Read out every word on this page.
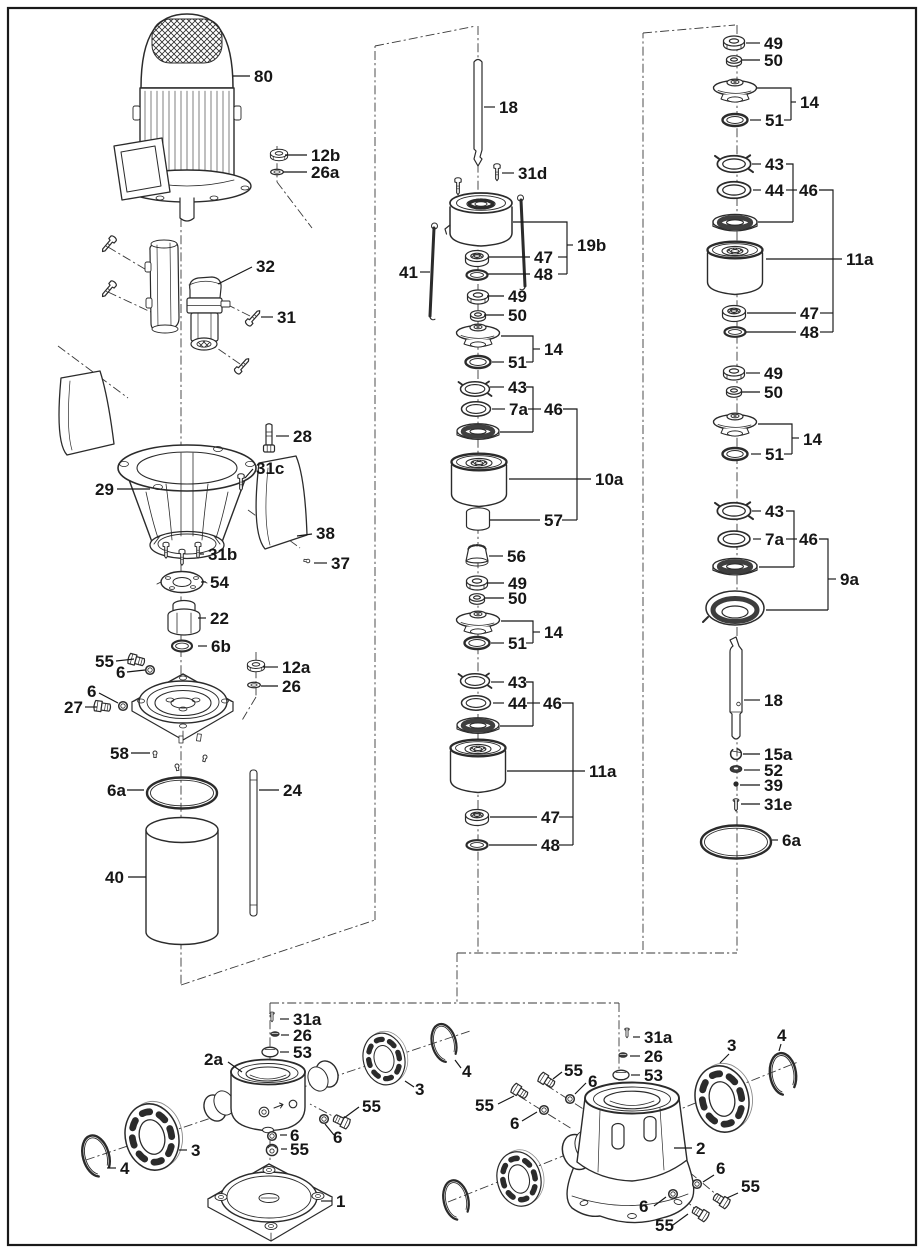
80
12b
26a
32
31
28
31c
29
38
37
31b
54
22
6b
55
6
6
27
12a
26
58
6a
40
24
18
31d
19b
47
48
41
49
50
14
51
43
7a 46
10a
57
56
49
50
14
51
43
44 46
11a
47
48
49
50
14
51
43
44 46
11a
47
48
49
50
14
51
43
7a 46
9a
18
15a
52
39
31e
6a
31a
26
53
2a
3
4
55
6
6
55
1
3
4
31a
26
53
3
4
2
55
6
55
6
6
55
6
55
